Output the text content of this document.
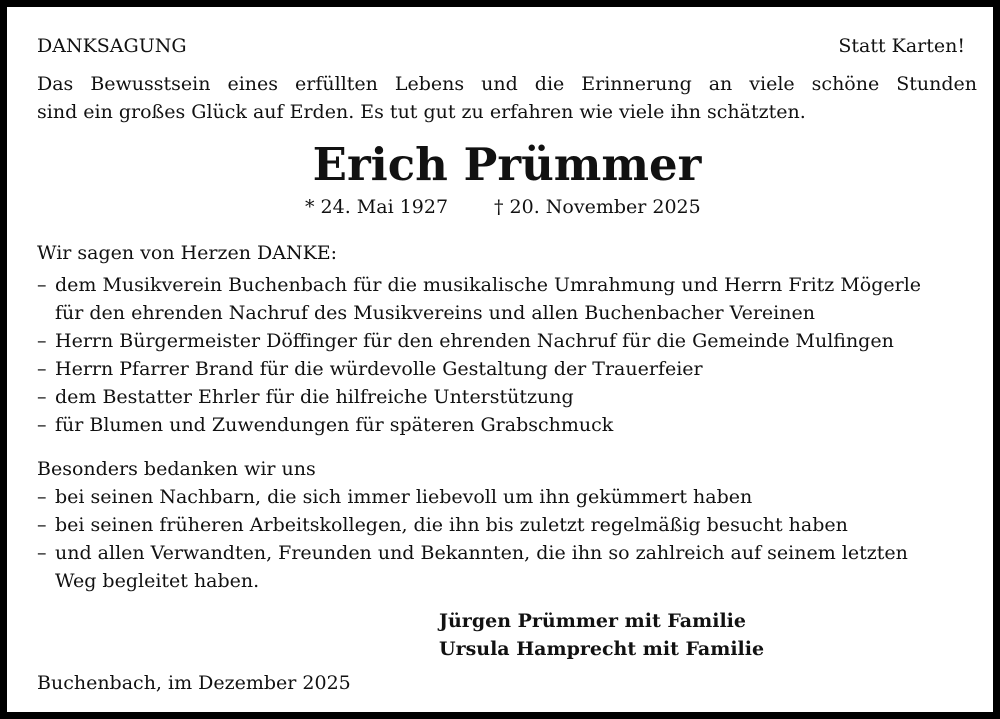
DANKSAGUNG	Statt Karten!
Das Bewusstsein eines erfüllten Lebens und die Erinnerung an viele schöne Stunden
sind ein großes Glück auf Erden. Es tut gut zu erfahren wie viele ihn schätzten.
Erich Prümmer
* 24. Mai 1927 † 20. November 2025
Wir sagen von Herzen DANKE:
– dem Musikverein Buchenbach für die musikalische Umrahmung und Herrn Fritz Mögerle
für den ehrenden Nachruf des Musikvereins und allen Buchenbacher Vereinen
– Herrn Bürgermeister Döffinger für den ehrenden Nachruf für die Gemeinde Mulfingen
– Herrn Pfarrer Brand für die würdevolle Gestaltung der Trauerfeier
– dem Bestatter Ehrler für die hilfreiche Unterstützung
– für Blumen und Zuwendungen für späteren Grabschmuck
Besonders bedanken wir uns
– bei seinen Nachbarn, die sich immer liebevoll um ihn gekümmert haben
– bei seinen früheren Arbeitskollegen, die ihn bis zuletzt regelmäßig besucht haben
– und allen Verwandten, Freunden und Bekannten, die ihn so zahlreich auf seinem letzten
Weg begleitet haben.
Jürgen Prümmer mit Familie
Ursula Hamprecht mit Familie
Buchenbach, im Dezember 2025
